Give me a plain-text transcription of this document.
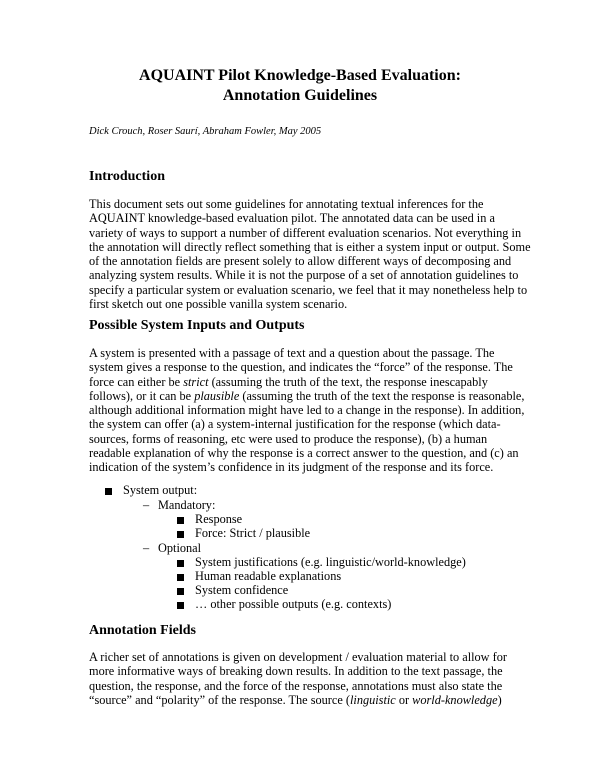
AQUAINT Pilot Knowledge-Based Evaluation:
Annotation Guidelines
Dick Crouch, Roser Saurí, Abraham Fowler, May 2005
Introduction

This document sets out some guidelines for annotating textual inferences for the
AQUAINT knowledge-based evaluation pilot. The annotated data can be used in a
variety of ways to support a number of different evaluation scenarios. Not everything in
the annotation will directly reflect something that is either a system input or output. Some
of the annotation fields are present solely to allow different ways of decomposing and
analyzing system results. While it is not the purpose of a set of annotation guidelines to
specify a particular system or evaluation scenario, we feel that it may nonetheless help to
first sketch out one possible vanilla system scenario.

Possible System Inputs and Outputs

A system is presented with a passage of text and a question about the passage. The
system gives a response to the question, and indicates the “force” of the response. The
force can either be strict (assuming the truth of the text, the response inescapably
follows), or it can be plausible (assuming the truth of the text the response is reasonable,
although additional information might have led to a change in the response). In addition,
the system can offer (a) a system-internal justification for the response (which data-
sources, forms of reasoning, etc were used to produce the response), (b) a human
readable explanation of why the response is a correct answer to the question, and (c) an
indication of the system’s confidence in its judgment of the response and its force.

System output:
– Mandatory:
Response
Force: Strict / plausible
– Optional
System justifications (e.g. linguistic/world-knowledge)
Human readable explanations
System confidence
… other possible outputs (e.g. contexts)
Annotation Fields

A richer set of annotations is given on development / evaluation material to allow for
more informative ways of breaking down results. In addition to the text passage, the
question, the response, and the force of the response, annotations must also state the
“source” and “polarity” of the response. The source (linguistic or world-knowledge)
